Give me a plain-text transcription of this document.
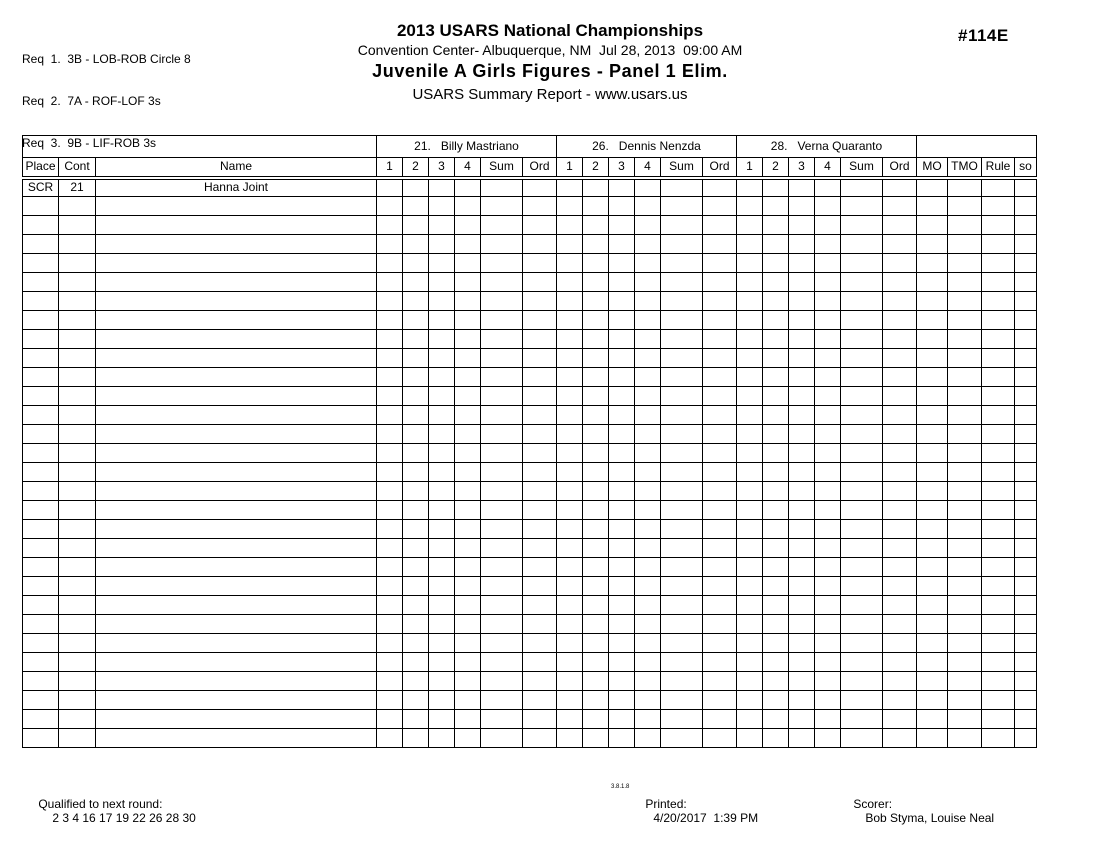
Req  1.  3B - LOB-ROB Circle 8

Req  2.  7A - ROF-LOF 3s

Req  3.  9B - LIF-ROB 3s

2013 USARS National Championships
Convention Center- Albuquerque, NM  Jul 28, 2013  09:00 AM
Juvenile A Girls Figures - Panel 1 Elim.
USARS Summary Report - www.usars.us
#114E
			21.   Billy Mastriano						26.   Dennis Nenzda						28.   Verna Quaranto									
Place	Cont	Name	1	2	3	4	Sum	Ord	1	2	3	4	Sum	Ord	1	2	3	4	Sum	Ord	MO	TMO	Rule	so
SCR	21	Hanna Joint																						

Qualified to next round:
2 3 4 16 17 19 22 26 28 30

3.8.1.8

Printed:
4/20/2017  1:39 PM

Scorer:
Bob Styma, Louise Neal
